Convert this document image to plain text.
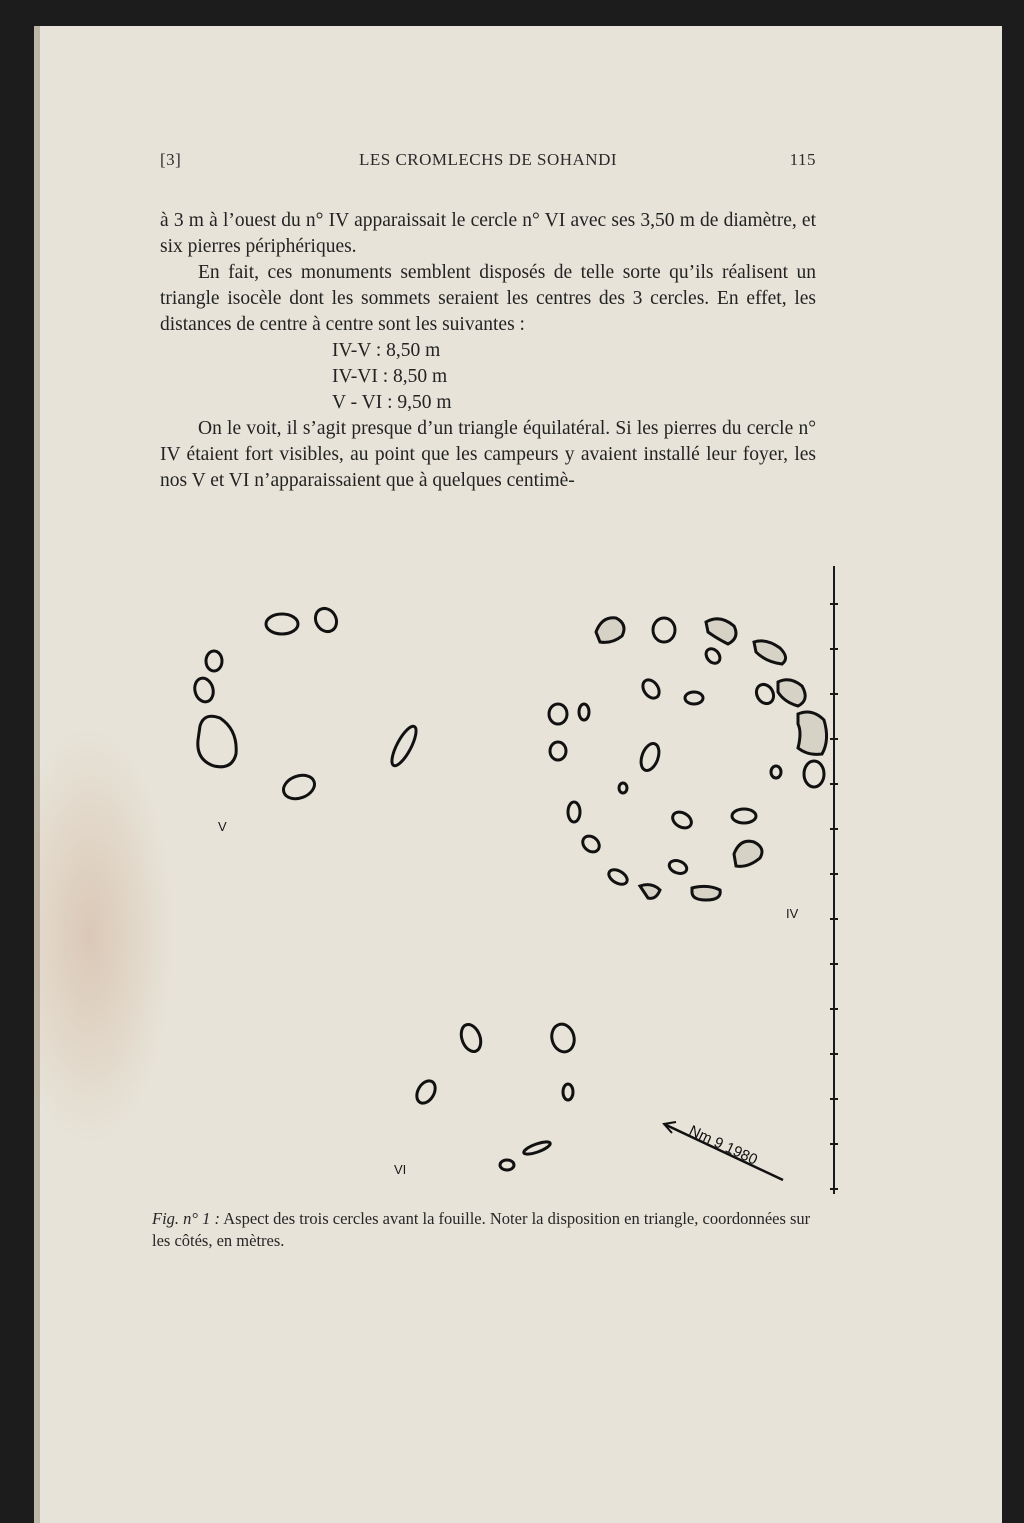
[3]	LES CROMLECHS DE SOHANDI	115

à 3 m à l’ouest du n° IV apparaissait le cercle n° VI avec ses 3,50 m de diamètre, et six pierres périphériques.

En fait, ces monuments semblent disposés de telle sorte qu’ils réalisent un triangle isocèle dont les sommets seraient les centres des 3 cercles. En effet, les distances de centre à centre sont les suivantes :

IV-V : 8,50 m

IV-VI : 8,50 m

V - VI : 9,50 m

On le voit, il s’agit presque d’un triangle équilatéral. Si les pierres du cercle n° IV étaient fort visibles, au point que les campeurs y avaient installé leur foyer, les nos V et VI n’apparaissaient que à quelques centimè-

V
IV
VI
Nm 9 1980
Fig. n° 1 : Aspect des trois cercles avant la fouille. Noter la disposition en triangle, coordonnées sur les côtés, en mètres.
